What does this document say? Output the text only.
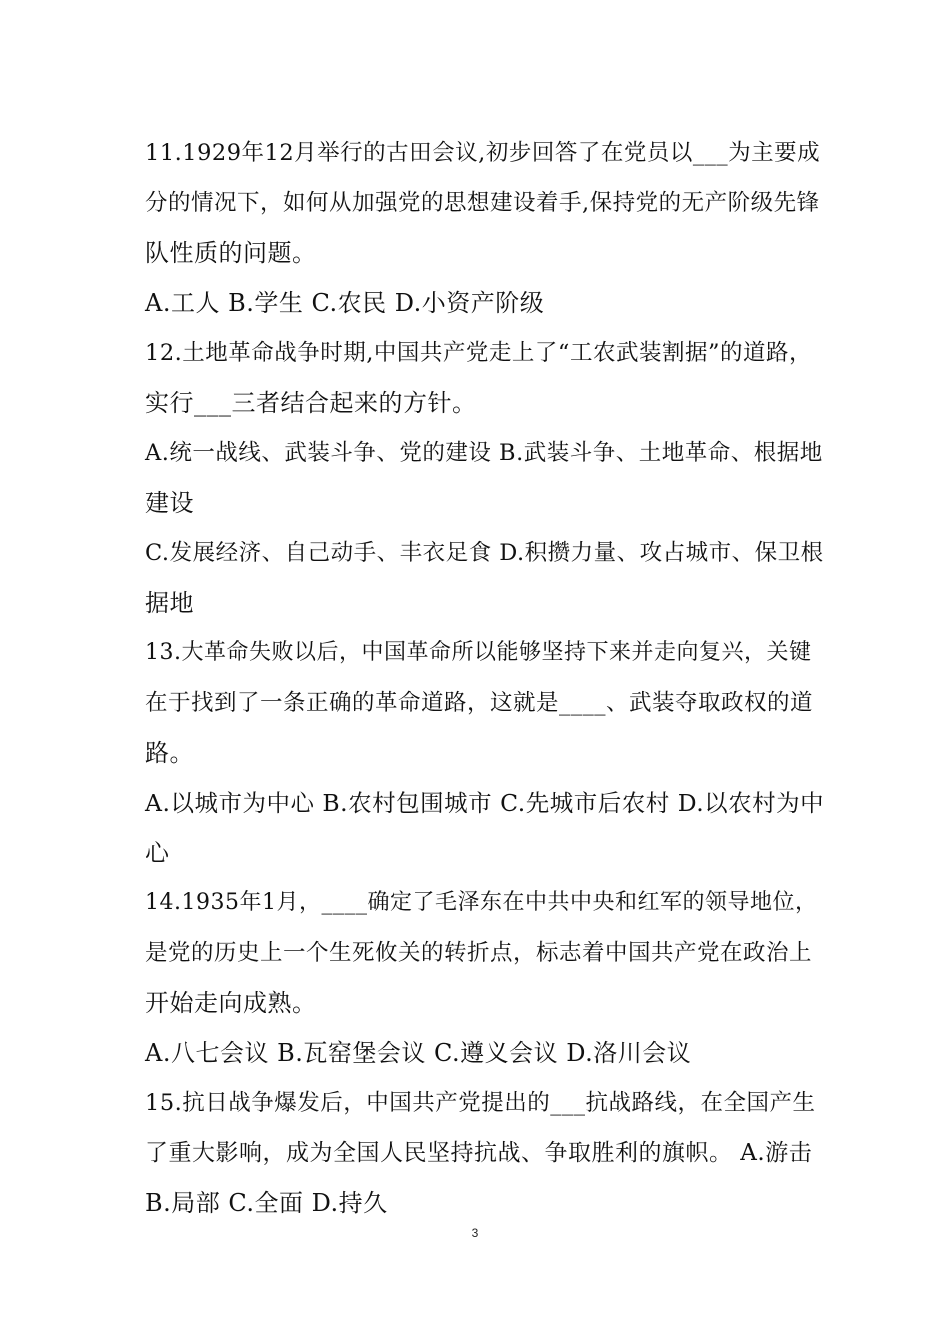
11.1929年12月举行的古田会议,初步回答了在党员以___为主要成
分的情况下，如何从加强党的思想建设着手,保持党的无产阶级先锋
队性质的问题。
A.工人 B.学生 C.农民 D.小资产阶级
12.土地革命战争时期,中国共产党走上了“工农武装割据”的道路，
实行___三者结合起来的方针。
A.统一战线、武装斗争、党的建设 B.武装斗争、土地革命、根据地
建设
C.发展经济、自己动手、丰衣足食 D.积攒力量、攻占城市、保卫根
据地
13.大革命失败以后，中国革命所以能够坚持下来并走向复兴，关键
在于找到了一条正确的革命道路，这就是____、武装夺取政权的道
路。
A.以城市为中心 B.农村包围城市 C.先城市后农村 D.以农村为中
心
14.1935年1月，____确定了毛泽东在中共中央和红军的领导地位，
是党的历史上一个生死攸关的转折点，标志着中国共产党在政治上
开始走向成熟。
A.八七会议 B.瓦窑堡会议 C.遵义会议 D.洛川会议
15.抗日战争爆发后，中国共产党提出的___抗战路线，在全国产生
了重大影响，成为全国人民坚持抗战、争取胜利的旗帜。 A.游击
B.局部 C.全面 D.持久
3
